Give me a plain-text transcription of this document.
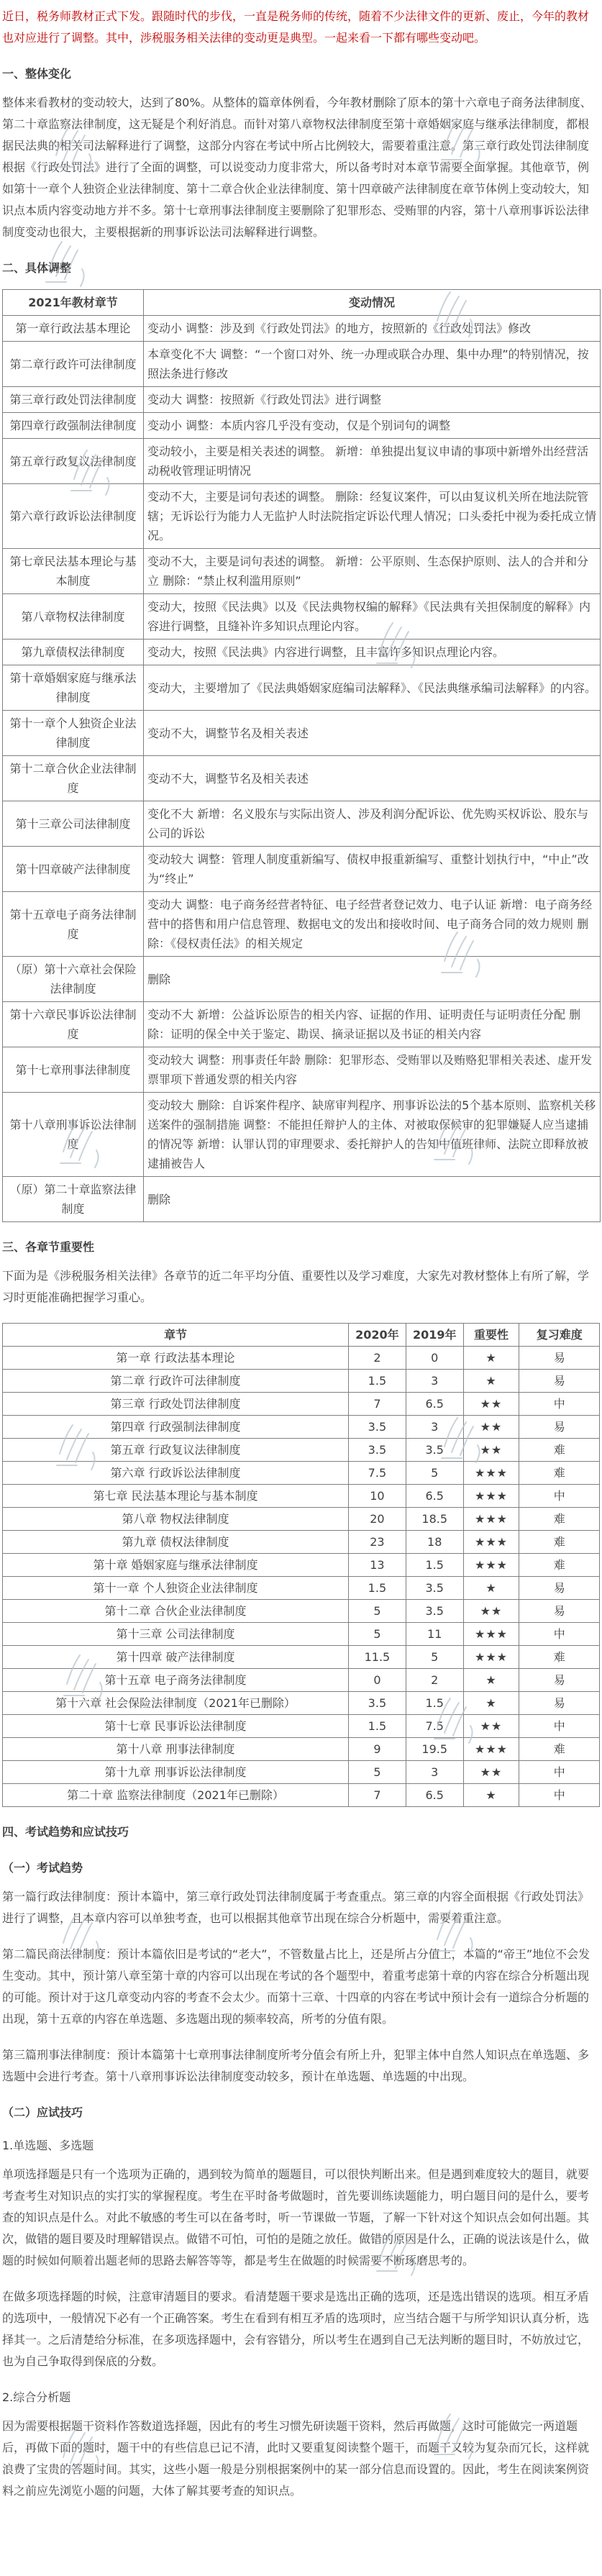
近日，税务师教材正式下发。跟随时代的步伐，一直是税务师的传统，随着不少法律文件的更新、废止，今年的教材也对应进行了调整。其中，涉税服务相关法律的变动更是典型。一起来看一下都有哪些变动吧。

一、整体变化

整体来看教材的变动较大，达到了80%。从整体的篇章体例看，今年教材删除了原本的第十六章电子商务法律制度、第二十章监察法律制度，这无疑是个利好消息。而针对第八章物权法律制度至第十章婚姻家庭与继承法律制度，都根据民法典的相关司法解释进行了调整，这部分内容在考试中所占比例较大，需要着重注意。第三章行政处罚法律制度根据《行政处罚法》进行了全面的调整，可以说变动力度非常大，所以备考时对本章节需要全面掌握。其他章节，例如第十一章个人独资企业法律制度、第十二章合伙企业法律制度、第十四章破产法律制度在章节体例上变动较大，知识点本质内容变动地方并不多。第十七章刑事法律制度主要删除了犯罪形态、受贿罪的内容，第十八章刑事诉讼法律制度变动也很大，主要根据新的刑事诉讼法司法解释进行调整。

二、具体调整
2021年教材章节	变动情况
第一章行政法基本理论	变动小 调整：涉及到《行政处罚法》的地方，按照新的《行政处罚法》修改
第二章行政许可法律制度	本章变化不大 调整：“一个窗口对外、统一办理或联合办理、集中办理”的特别情况，按照法条进行修改
第三章行政处罚法律制度	变动大 调整：按照新《行政处罚法》进行调整
第四章行政强制法律制度	变动小 调整：本质内容几乎没有变动，仅是个别词句的调整
第五章行政复议法律制度	变动较小，主要是相关表述的调整。 新增：单独提出复议申请的事项中新增外出经营活动税收管理证明情况
第六章行政诉讼法律制度	变动不大，主要是词句表述的调整。 删除：经复议案件，可以由复议机关所在地法院管辖；无诉讼行为能力人无监护人时法院指定诉讼代理人情况；口头委托中视为委托成立情况。
第七章民法基本理论与基本制度	变动不大，主要是词句表述的调整。 新增：公平原则、生态保护原则、法人的合并和分立 删除：“禁止权利滥用原则”
第八章物权法律制度	变动大，按照《民法典》以及《民法典物权编的解释》《民法典有关担保制度的解释》内容进行调整，且缝补许多知识点理论内容。
第九章债权法律制度	变动大，按照《民法典》内容进行调整，且丰富许多知识点理论内容。
第十章婚姻家庭与继承法律制度	变动大，主要增加了《民法典婚姻家庭编司法解释》、《民法典继承编司法解释》的内容。
第十一章个人独资企业法律制度	变动不大，调整节名及相关表述
第十二章合伙企业法律制度	变动不大，调整节名及相关表述
第十三章公司法律制度	变化不大 新增：名义股东与实际出资人、涉及利润分配诉讼、优先购买权诉讼、股东与公司的诉讼
第十四章破产法律制度	变动较大 调整：管理人制度重新编写、债权申报重新编写、重整计划执行中，“中止”改为“终止”
第十五章电子商务法律制度	变动大 调整：电子商务经营者特征、电子经营者登记效力、电子认证 新增：电子商务经营中的搭售和用户信息管理、数据电文的发出和接收时间、电子商务合同的效力规则 删除：《侵权责任法》的相关规定
（原）第十六章社会保险法律制度	删除
第十六章民事诉讼法律制度	变动不大 新增：公益诉讼原告的相关内容、证据的作用、证明责任与证明责任分配 删除：证明的保全中关于鉴定、勘误、摘录证据以及书证的相关内容
第十七章刑事法律制度	变动较大 调整：刑事责任年龄 删除：犯罪形态、受贿罪以及贿赂犯罪相关表述、虚开发票罪项下普通发票的相关内容
第十八章刑事诉讼法律制度	变动较大 删除：自诉案件程序、缺席审判程序、刑事诉讼法的5个基本原则、监察机关移送案件的强制措施 调整：不能担任辩护人的主体、对被取保候审的犯罪嫌疑人应当逮捕的情况等 新增：认罪认罚的审理要求、委托辩护人的告知中值班律师、法院立即释放被逮捕被告人
（原）第二十章监察法律制度	删除
三、各章节重要性

下面为是《涉税服务相关法律》各章节的近二年平均分值、重要性以及学习难度，大家先对教材整体上有所了解，学习时更能准确把握学习重心。

章节	2020年	2019年	重要性	复习难度
第一章 行政法基本理论	2	0	★	易
第二章 行政许可法律制度	1.5	3	★	易
第三章 行政处罚法律制度	7	6.5	★★	中
第四章 行政强制法律制度	3.5	3	★★	易
第五章 行政复议法律制度	3.5	3.5	★★	难
第六章 行政诉讼法律制度	7.5	5	★★★	难
第七章 民法基本理论与基本制度	10	6.5	★★★	中
第八章 物权法律制度	20	18.5	★★★	难
第九章 债权法律制度	23	18	★★★	难
第十章 婚姻家庭与继承法律制度	13	1.5	★★★	难
第十一章 个人独资企业法律制度	1.5	3.5	★	易
第十二章 合伙企业法律制度	5	3.5	★★	易
第十三章 公司法律制度	5	11	★★★	中
第十四章 破产法律制度	11.5	5	★★★	难
第十五章 电子商务法律制度	0	2	★	易
第十六章 社会保险法律制度（2021年已删除）	3.5	1.5	★	易
第十七章 民事诉讼法律制度	1.5	7.5	★★	中
第十八章 刑事法律制度	9	19.5	★★★	难
第十九章 刑事诉讼法律制度	5	3	★★	中
第二十章 监察法律制度（2021年已删除）	7	6.5	★	中
四、考试趋势和应试技巧
（一）考试趋势

第一篇行政法律制度：预计本篇中，第三章行政处罚法律制度属于考查重点。第三章的内容全面根据《行政处罚法》进行了调整，且本章内容可以单独考查，也可以根据其他章节出现在综合分析题中，需要着重注意。

第二篇民商法律制度：预计本篇依旧是考试的“老大”，不管数量占比上，还是所占分值上，本篇的“帝王”地位不会发生变动。其中，预计第八章至第十章的内容可以出现在考试的各个题型中，着重考虑第十章的内容在综合分析题出现的可能。预计对于这几章变动内容的考查不会太少。而第十三章、十四章的内容在考试中预计会有一道综合分析题的出现，第十五章的内容在单选题、多选题出现的频率较高，所考的分值有限。

第三篇刑事法律制度：预计本篇第十七章刑事法律制度所考分值会有所上升，犯罪主体中自然人知识点在单选题、多选题中会进行考查。第十八章刑事诉讼法律制度变动较多，预计在单选题、单选题的中出现。

（二）应试技巧

1.单选题、多选题

单项选择题是只有一个选项为正确的，遇到较为简单的题题目，可以很快判断出来。但是遇到难度较大的题目，就要考查考生对知识点的实打实的掌握程度。考生在平时备考做题时，首先要训练读题能力，明白题目问的是什么，要考查的知识点是什么。对此不敏感的考生可以在备考时，听一节课做一节题，了解一下针对这个知识点会如何出题。其次，做错的题目要及时理解错误点。做错不可怕，可怕的是随之放任。做错的原因是什么，正确的说法该是什么，做题的时候如何顺着出题老师的思路去解答等等，都是考生在做题的时候需要不断琢磨思考的。

在做多项选择题的时候，注意审清题目的要求。看清楚题干要求是选出正确的选项，还是选出错误的选项。相互矛盾的选项中，一般情况下必有一个正确答案。考生在看到有相互矛盾的选项时，应当结合题干与所学知识认真分析，选择其一。之后清楚给分标准，在多项选择题中，会有容错分，所以考生在遇到自己无法判断的题目时，不妨放过它，也为自己争取得到保底的分数。

2.综合分析题

因为需要根据题干资料作答数道选择题，因此有的考生习惯先研读题干资料，然后再做题，这时可能做完一两道题后，再做下面的题时，题干中的有些信息已记不清，此时又要重复阅读整个题干，而题干又较为复杂而冗长，这样就浪费了宝贵的答题时间。其实，这些小题一般是分别根据案例中的某一部分信息而设置的。因此，考生在阅读案例资料之前应先浏览小题的问题，大体了解其要考查的知识点。
